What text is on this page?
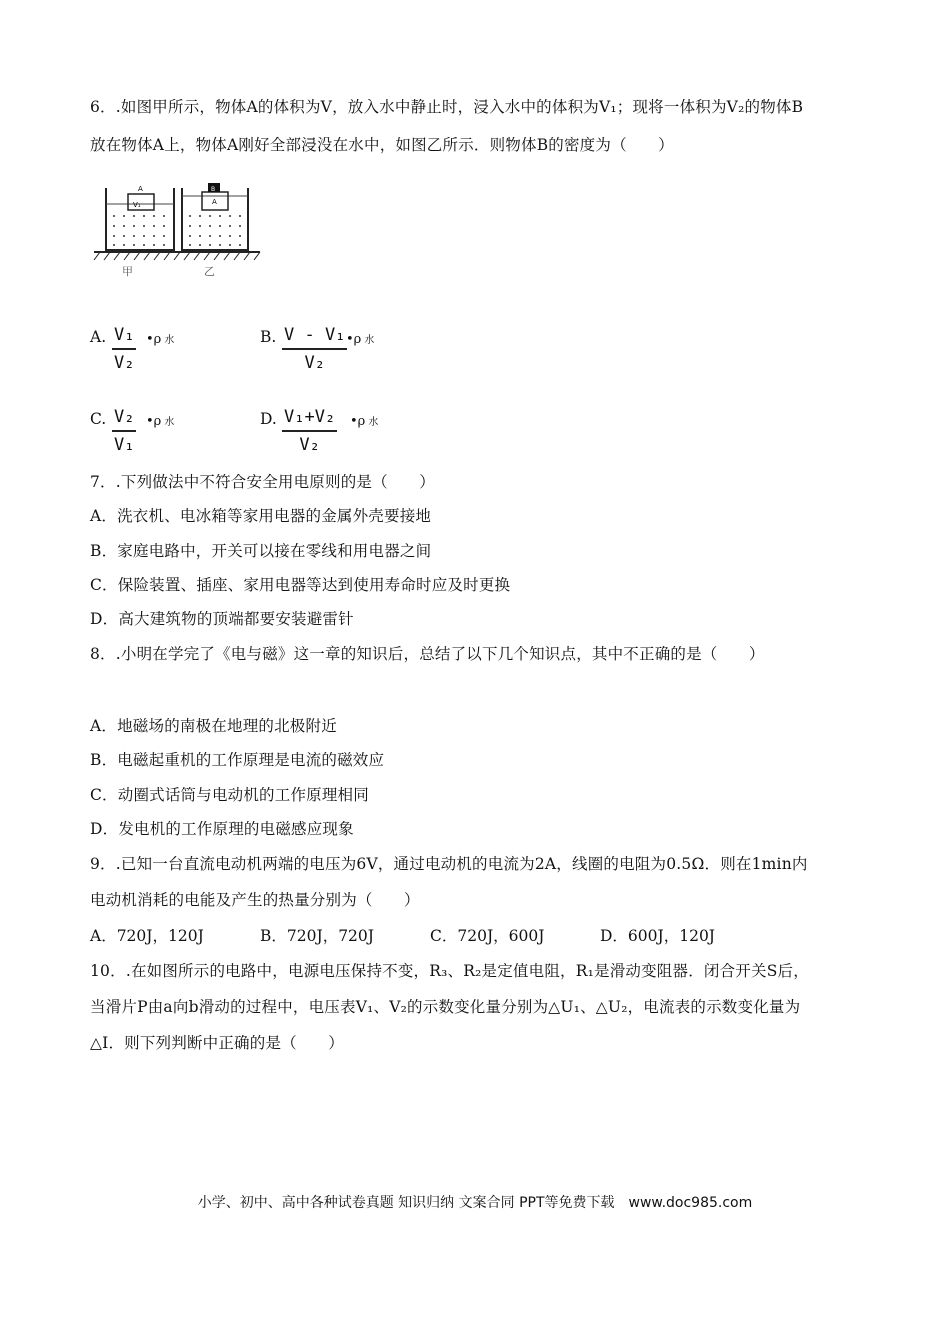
6．.如图甲所示，物体A的体积为V，放入水中静止时，浸入水中的体积为V₁；现将一体积为V₂的物体B
放在物体A上，物体A刚好全部浸没在水中，如图乙所示．则物体B的密度为（　　）
A
V₁
B
A
甲	乙
A. V₁
V₂
•ρ 水	B. V - V₁
V₂
•ρ 水
C. V₂
V₁
•ρ 水	D. V₁+V₂
V₂
•ρ 水
7．.下列做法中不符合安全用电原则的是（　　）
A．洗衣机、电冰箱等家用电器的金属外壳要接地
B．家庭电路中，开关可以接在零线和用电器之间
C．保险装置、插座、家用电器等达到使用寿命时应及时更换
D．高大建筑物的顶端都要安装避雷针
8．.小明在学完了《电与磁》这一章的知识后，总结了以下几个知识点，其中不正确的是（　　）
A．地磁场的南极在地理的北极附近
B．电磁起重机的工作原理是电流的磁效应
C．动圈式话筒与电动机的工作原理相同
D．发电机的工作原理的电磁感应现象
9．.已知一台直流电动机两端的电压为6V，通过电动机的电流为2A，线圈的电阻为0.5Ω．则在1min内
电动机消耗的电能及产生的热量分别为（　　）
A．720J，120J	B．720J，720J	C．720J，600J	D．600J，120J
10．.在如图所示的电路中，电源电压保持不变，R₃、R₂是定值电阻，R₁是滑动变阻器．闭合开关S后，
当滑片P由a向b滑动的过程中，电压表V₁、V₂的示数变化量分别为△U₁、△U₂，电流表的示数变化量为
△I．则下列判断中正确的是（　　）
小学、初中、高中各种试卷真题 知识归纳 文案合同 PPT等免费下载　www.doc985.com
